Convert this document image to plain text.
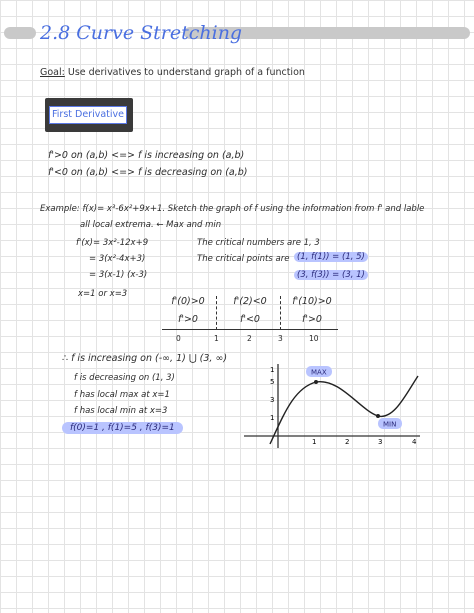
2.8 Curve Stretching
Goal: Use derivatives to understand graph of a function
First Derivative
f'>0 on (a,b) <=> f is increasing on (a,b)
f'<0 on (a,b) <=> f is decreasing on (a,b)
Example: f(x)= x³-6x²+9x+1. Sketch the graph of f using the information from f' and lable
all local extrema. ← Max and min
f'(x)= 3x²-12x+9
= 3(x²-4x+3)
= 3(x-1) (x-3)
x=1 or x=3
The critical numbers are 1, 3
The critical points are (1, f(1)) = (1, 5)
(3, f(3)) = (3, 1)
f'(0)>0	f'(2)<0	f'(10)>0
f'>0	f'<0	f'>0
0	1	2	3	10
∴ f is increasing on (-∞, 1) ⋃ (3, ∞)
f is decreasing on (1, 3)
f has local max at x=1
f has local min at x=3
f(0)=1 , f(1)=5 , f(3)=1
1
5
3
1
1	2	3	4
MAX
MIN
